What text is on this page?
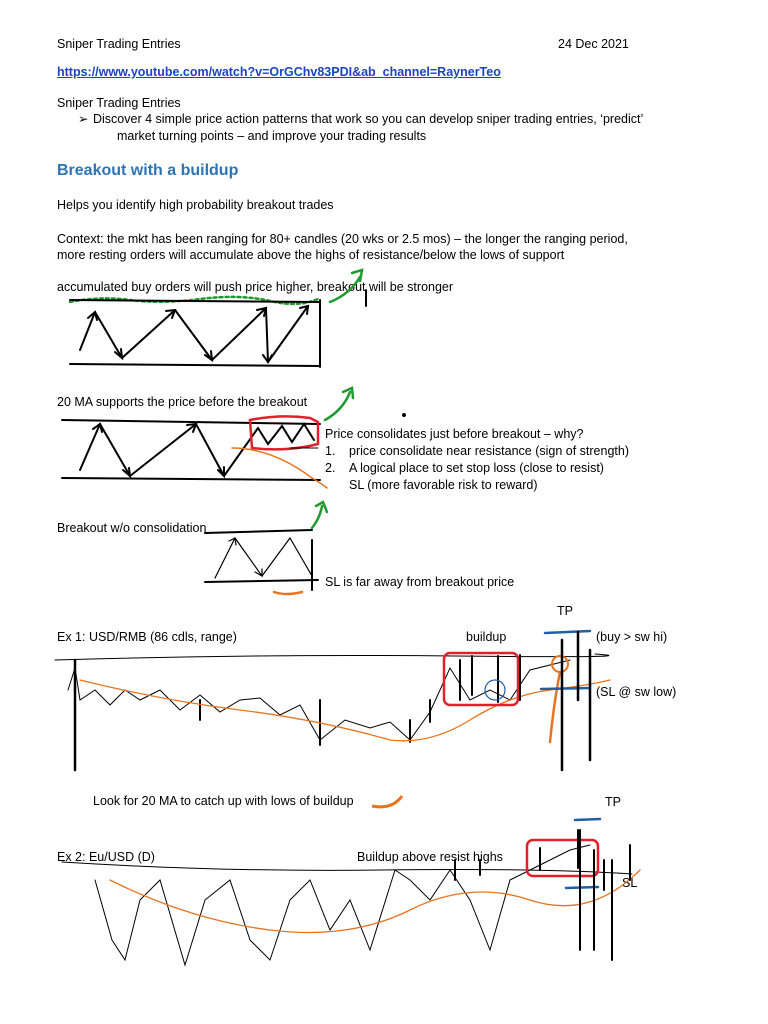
Sniper Trading Entries	24 Dec 2021
https://www.youtube.com/watch?v=OrGChv83PDI&ab_channel=RaynerTeo
Sniper Trading Entries
➢ Discover 4 simple price action patterns that work so you can develop sniper trading entries, ‘predict’
market turning points – and improve your trading results
Breakout with a buildup
Helps you identify high probability breakout trades
Context: the mkt has been ranging for 80+ candles (20 wks or 2.5 mos) – the longer the ranging period,
more resting orders will accumulate above the highs of resistance/below the lows of support
accumulated buy orders will push price higher, breakout will be stronger
20 MA supports the price before the breakout
Price consolidates just before breakout – why?
1. price consolidate near resistance (sign of strength)
2. A logical place to set stop loss (close to resist)
SL (more favorable risk to reward)
Breakout w/o consolidation
SL is far away from breakout price
TP
Ex 1: USD/RMB (86 cdls, range)	buildup	(buy > sw hi)
(SL @ sw low)
Look for 20 MA to catch up with lows of buildup	TP
Ex 2: Eu/USD (D)	Buildup above resist highs
SL
